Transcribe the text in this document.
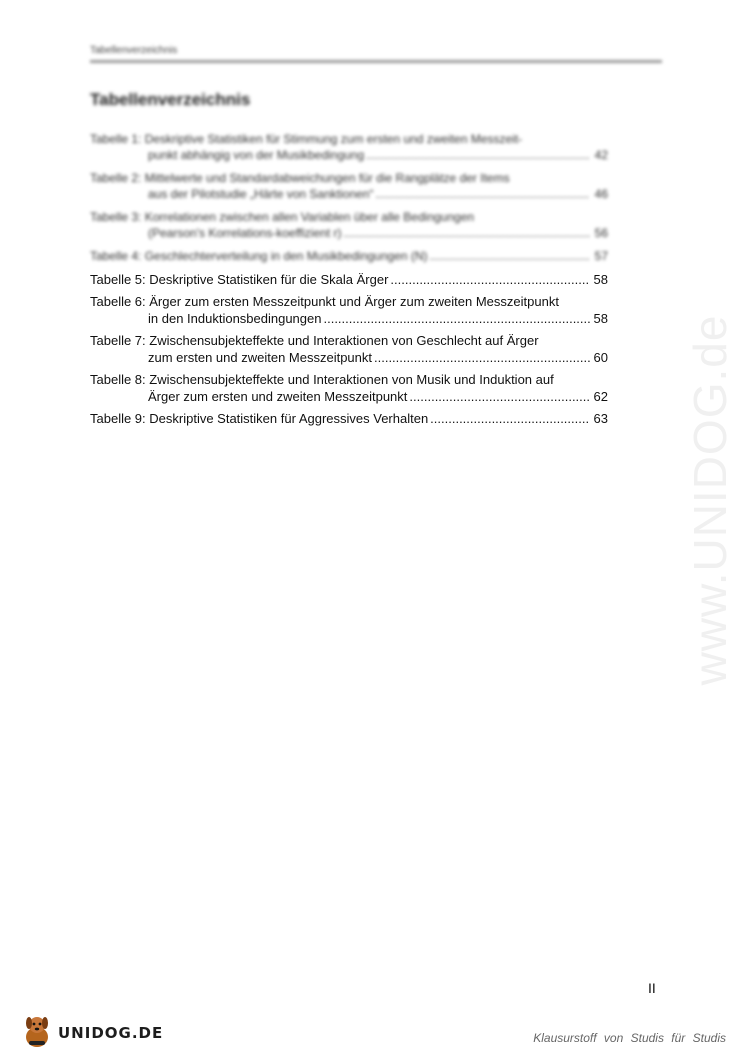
Tabellenverzeichnis
Tabellenverzeichnis
Tabelle 1: Deskriptive Statistiken für Stimmung zum ersten und zweiten Messzeit-
punkt abhängig von der Musikbedingung .....	42
Tabelle 2: Mittelwerte und Standardabweichungen für die Rangplätze der Items
aus der Pilotstudie „Härte von Sanktionen“ .....	46
Tabelle 3: Korrelationen zwischen allen Variablen über alle Bedingungen
(Pearson's Korrelations-koeffizient r) .....	56
Tabelle 4: Geschlechterverteilung in den Musikbedingungen (N) .....	57
Tabelle 5: Deskriptive Statistiken für die Skala Ärger .....	58
Tabelle 6: Ärger zum ersten Messzeitpunkt und Ärger zum zweiten Messzeitpunkt
in den Induktionsbedingungen .....	58
Tabelle 7: Zwischensubjekteffekte und Interaktionen von Geschlecht auf Ärger
zum ersten und zweiten Messzeitpunkt .....	60
Tabelle 8: Zwischensubjekteffekte und Interaktionen von Musik und Induktion auf
Ärger zum ersten und zweiten Messzeitpunkt .....	62
Tabelle 9: Deskriptive Statistiken für Aggressives Verhalten .....	63 www.UNIDOG.de
II
UNIDOG.DE	Klausurstoff von Studis für Studis
